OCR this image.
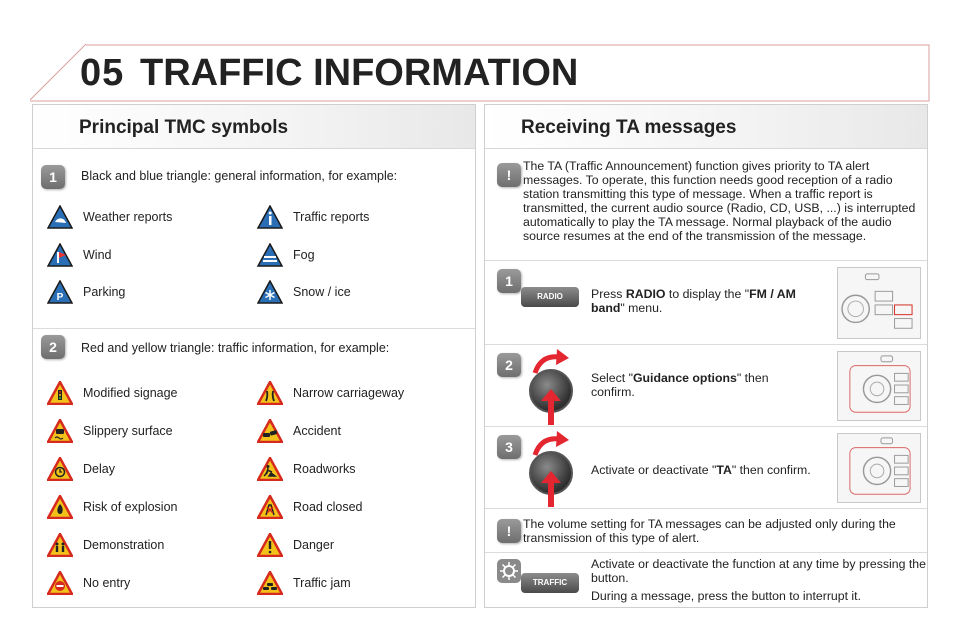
05 TRAFFIC INFORMATION
Principal TMC symbols
1	Black and blue triangle: general information, for example:
Weather reports	Traffic reports
Wind	Fog
P Parking	Snow / ice
2	Red and yellow triangle: traffic information, for example:
Modified signage	Narrow carriageway
Slippery surface	Accident
Delay	Roadworks
Risk of explosion	Road closed
Demonstration	Danger
No entry	Traffic jam
Receiving TA messages
!
The TA (Traffic Announcement) function gives priority to TA alert messages. To operate, this function needs good reception of a radio station transmitting this type of message. When a traffic report is transmitted, the current audio source (Radio, CD, USB, ...) is interrupted automatically to play the TA message. Normal playback of the audio source resumes at the end of the transmission of the message.
1
RADIO	Press RADIO to display the "FM / AM band" menu.
2
Select "Guidance options" then confirm.
3
Activate or deactivate "TA" then confirm.
! The volume setting for TA messages can be adjusted only during the transmission of this type of alert.
TRAFFIC
Activate or deactivate the function at any time by pressing the button.
During a message, press the button to interrupt it.
